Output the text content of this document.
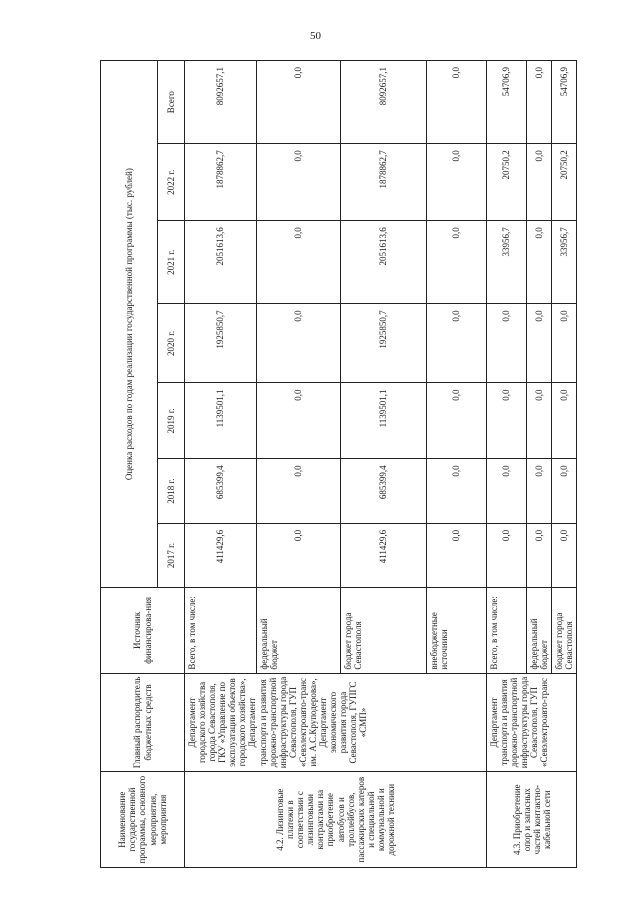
50
Наименование государственной программы, основного мероприятия, мероприятия	Главный распорядитель бюджетных средств	Источник финансирова-ния	Оценка расходов по годам реализации государственной программы (тыс. рублей)						
			2017 г.	2018 г.	2019 г.	2020 г.	2021 г.	2022 г.	Всего
4.2. Лизинговые платежи в соответствии с лизинговыми контрактами на приобретение автобусов и троллейбусов, пассажирских катеров и специальной коммунальной и дорожной техники	Департамент городского хозяйства города Севастополя, ГКУ «Управление по эксплуатации объектов городского хозяйства», Департамент транспорта и развития дорожно-транспортной инфраструктуры города Севастополя, ГУП «Севэлектроавто-транс им. А.С.Круподерова», Департамент экономического развития города Севастополя, ГУПГС «СМП»	Всего, в том числе:	411429,6	685399,4	1139501,1	1925850,7	2051613,6	1878862,7	8092657,1
		федеральный бюджет	0,0	0,0	0,0	0,0	0,0	0,0	0,0
		бюджет города Севастополя	411429,6	685399,4	1139501,1	1925850,7	2051613,6	1878862,7	8092657,1
		внебюджетные источники	0,0	0,0	0,0	0,0	0,0	0,0	0,0
4.3. Приобретение опор и запасных частей контактно-кабельной сети	Департамент транспорта и развития дорожно-транспортной инфраструктуры города Севастополя, ГУП «Севэлектроавто-транс	Всего, в том числе:	0,0	0,0	0,0	0,0	33956,7	20750,2	54706,9
		федеральный бюджет	0,0	0,0	0,0	0,0	0,0	0,0	0,0
		бюджет города Севастополя	0,0	0,0	0,0	0,0	33956,7	20750,2	54706,9
